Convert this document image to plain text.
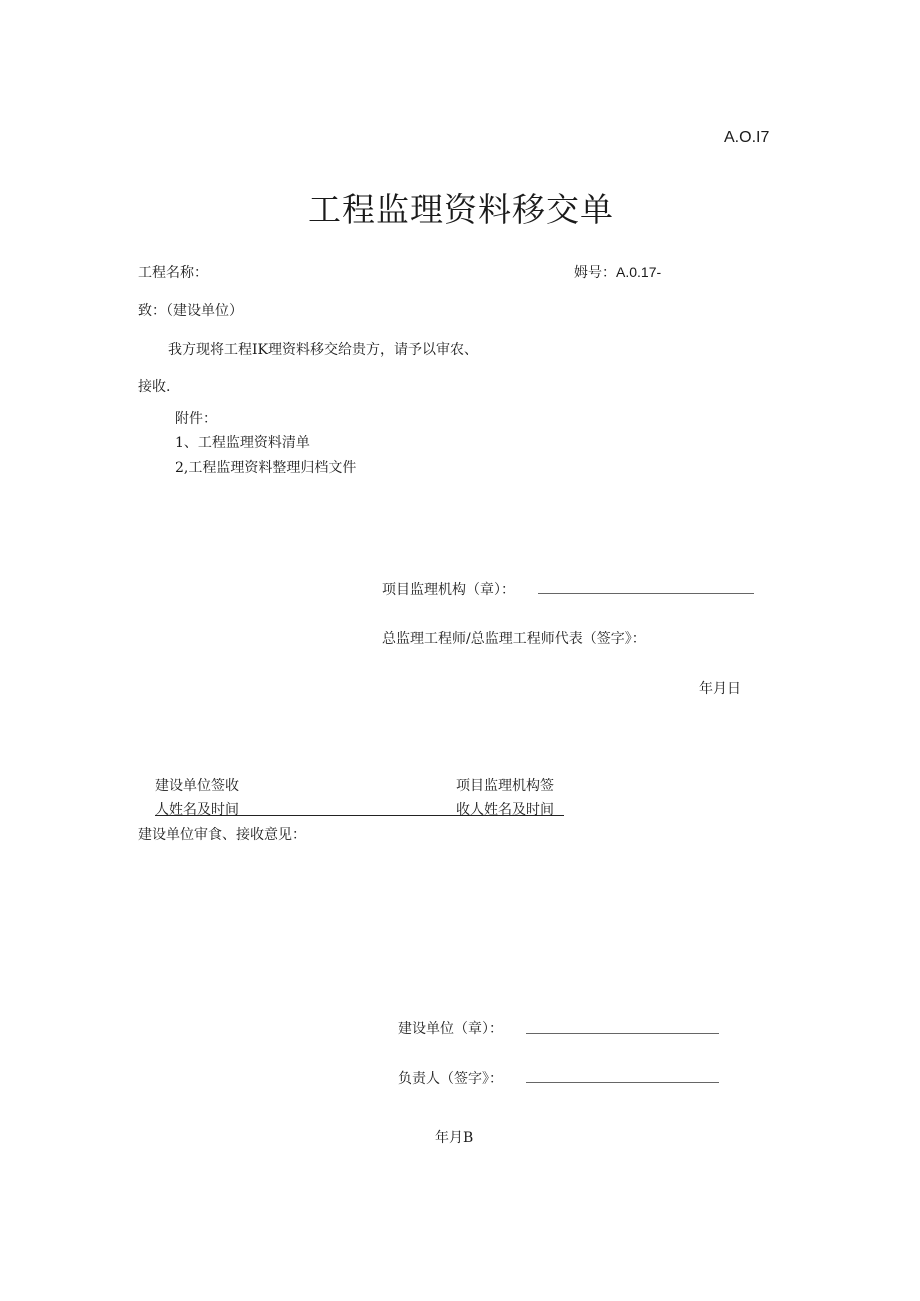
A.O.I7
工程监理资料移交单
工程名称：	姆号：A.0.17-
致：（建设单位）
我方现将工程IK理资料移交给贵方，请予以审农、
接收.
附件：
1、工程监理资料清单
2,工程监理资料整理归档文件
项目监理机构（章）：
总监理工程师/总监理工程师代表（签字》：
年月日
建设单位签收
人姓名及时间
项目监理机构签
收人姓名及时间
建设单位审食、接收意见：
建设单位（章）：
负责人（签字》：
年月B
